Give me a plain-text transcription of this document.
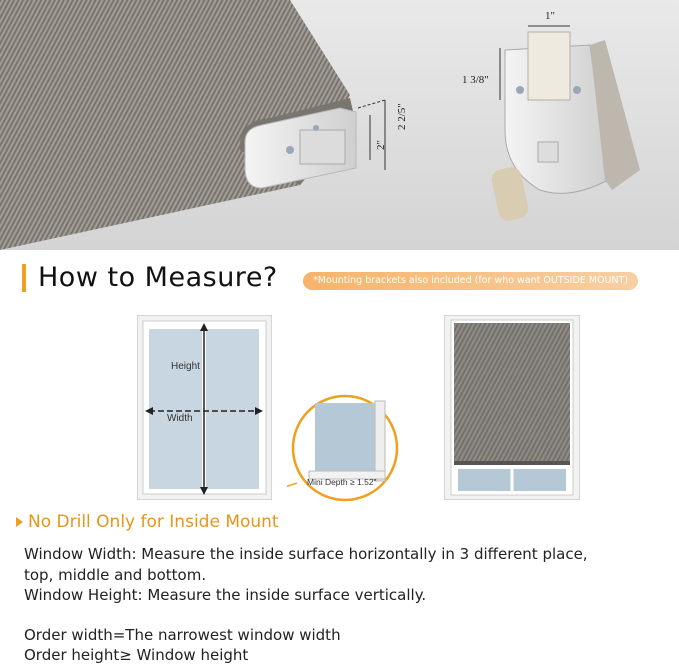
1"
1 3/8"
2 2/5"
2"
How to Measure?	*Mounting brackets also included (for who want OUTSIDE MOUNT)
Height
Width
Mini Depth ≥ 1.52"
No Drill Only for Inside Mount
Window Width: Measure the inside surface horizontally in 3 different place,
top, middle and bottom.
Window Height: Measure the inside surface vertically.
Order width=The narrowest window width
Order height≥ Window height
